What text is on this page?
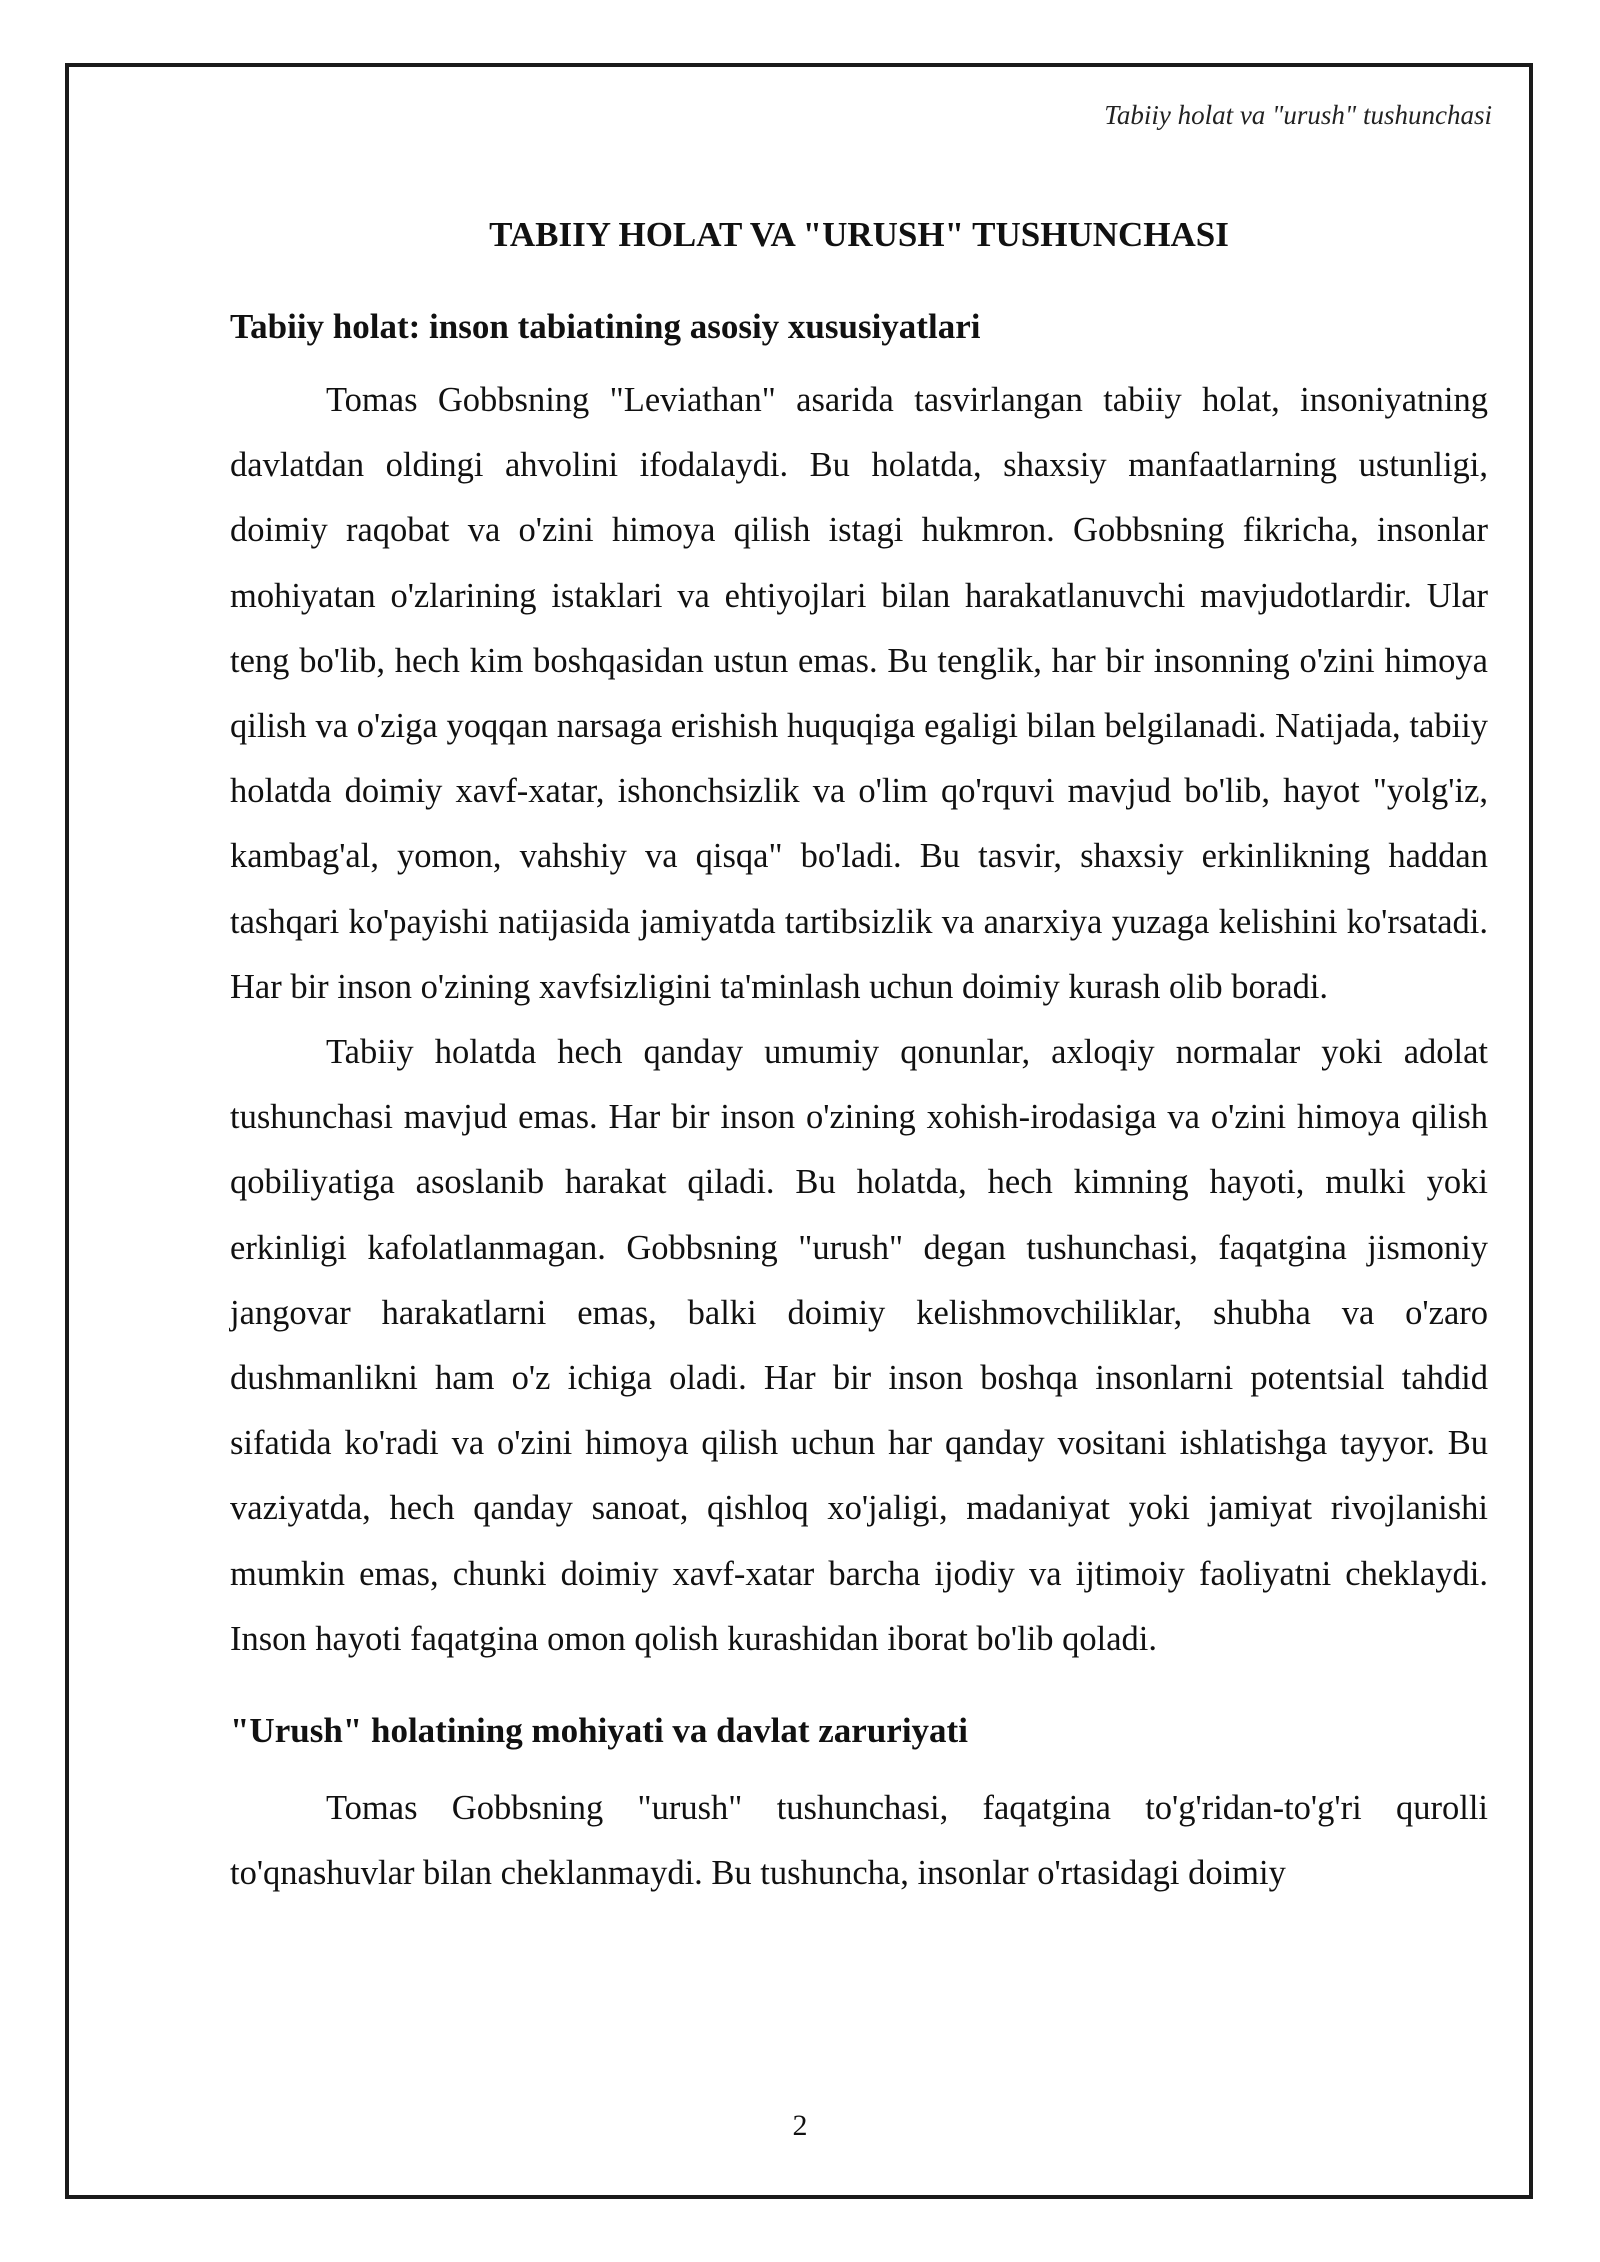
Tabiiy holat va "urush" tushunchasi
TABIIY HOLAT VA "URUSH" TUSHUNCHASI
Tabiiy holat: inson tabiatining asosiy xususiyatlari

Tomas Gobbsning "Leviathan" asarida tasvirlangan tabiiy holat, insoniyatning davlatdan oldingi ahvolini ifodalaydi. Bu holatda, shaxsiy manfaatlarning ustunligi, doimiy raqobat va o'zini himoya qilish istagi hukmron. Gobbsning fikricha, insonlar mohiyatan o'zlarining istaklari va ehtiyojlari bilan harakatlanuvchi mavjudotlardir. Ular teng bo'lib, hech kim boshqasidan ustun emas. Bu tenglik, har bir insonning o'zini himoya qilish va o'ziga yoqqan narsaga erishish huquqiga egaligi bilan belgilanadi. Natijada, tabiiy holatda doimiy xavf-xatar, ishonchsizlik va o'lim qo'rquvi mavjud bo'lib, hayot "yolg'iz, kambag'al, yomon, vahshiy va qisqa" bo'ladi. Bu tasvir, shaxsiy erkinlikning haddan tashqari ko'payishi natijasida jamiyatda tartibsizlik va anarxiya yuzaga kelishini ko'rsatadi. Har bir inson o'zining xavfsizligini ta'minlash uchun doimiy kurash olib boradi.

Tabiiy holatda hech qanday umumiy qonunlar, axloqiy normalar yoki adolat tushunchasi mavjud emas. Har bir inson o'zining xohish-irodasiga va o'zini himoya qilish qobiliyatiga asoslanib harakat qiladi. Bu holatda, hech kimning hayoti, mulki yoki erkinligi kafolatlanmagan. Gobbsning "urush" degan tushunchasi, faqatgina jismoniy jangovar harakatlarni emas, balki doimiy kelishmovchiliklar, shubha va o'zaro dushmanlikni ham o'z ichiga oladi. Har bir inson boshqa insonlarni potentsial tahdid sifatida ko'radi va o'zini himoya qilish uchun har qanday vositani ishlatishga tayyor. Bu vaziyatda, hech qanday sanoat, qishloq xo'jaligi, madaniyat yoki jamiyat rivojlanishi mumkin emas, chunki doimiy xavf-xatar barcha ijodiy va ijtimoiy faoliyatni cheklaydi. Inson hayoti faqatgina omon qolish kurashidan iborat bo'lib qoladi.

"Urush" holatining mohiyati va davlat zaruriyati

Tomas Gobbsning "urush" tushunchasi, faqatgina to'g'ridan-to'g'ri qurolli to'qnashuvlar bilan cheklanmaydi. Bu tushuncha, insonlar o'rtasidagi doimiy

2
